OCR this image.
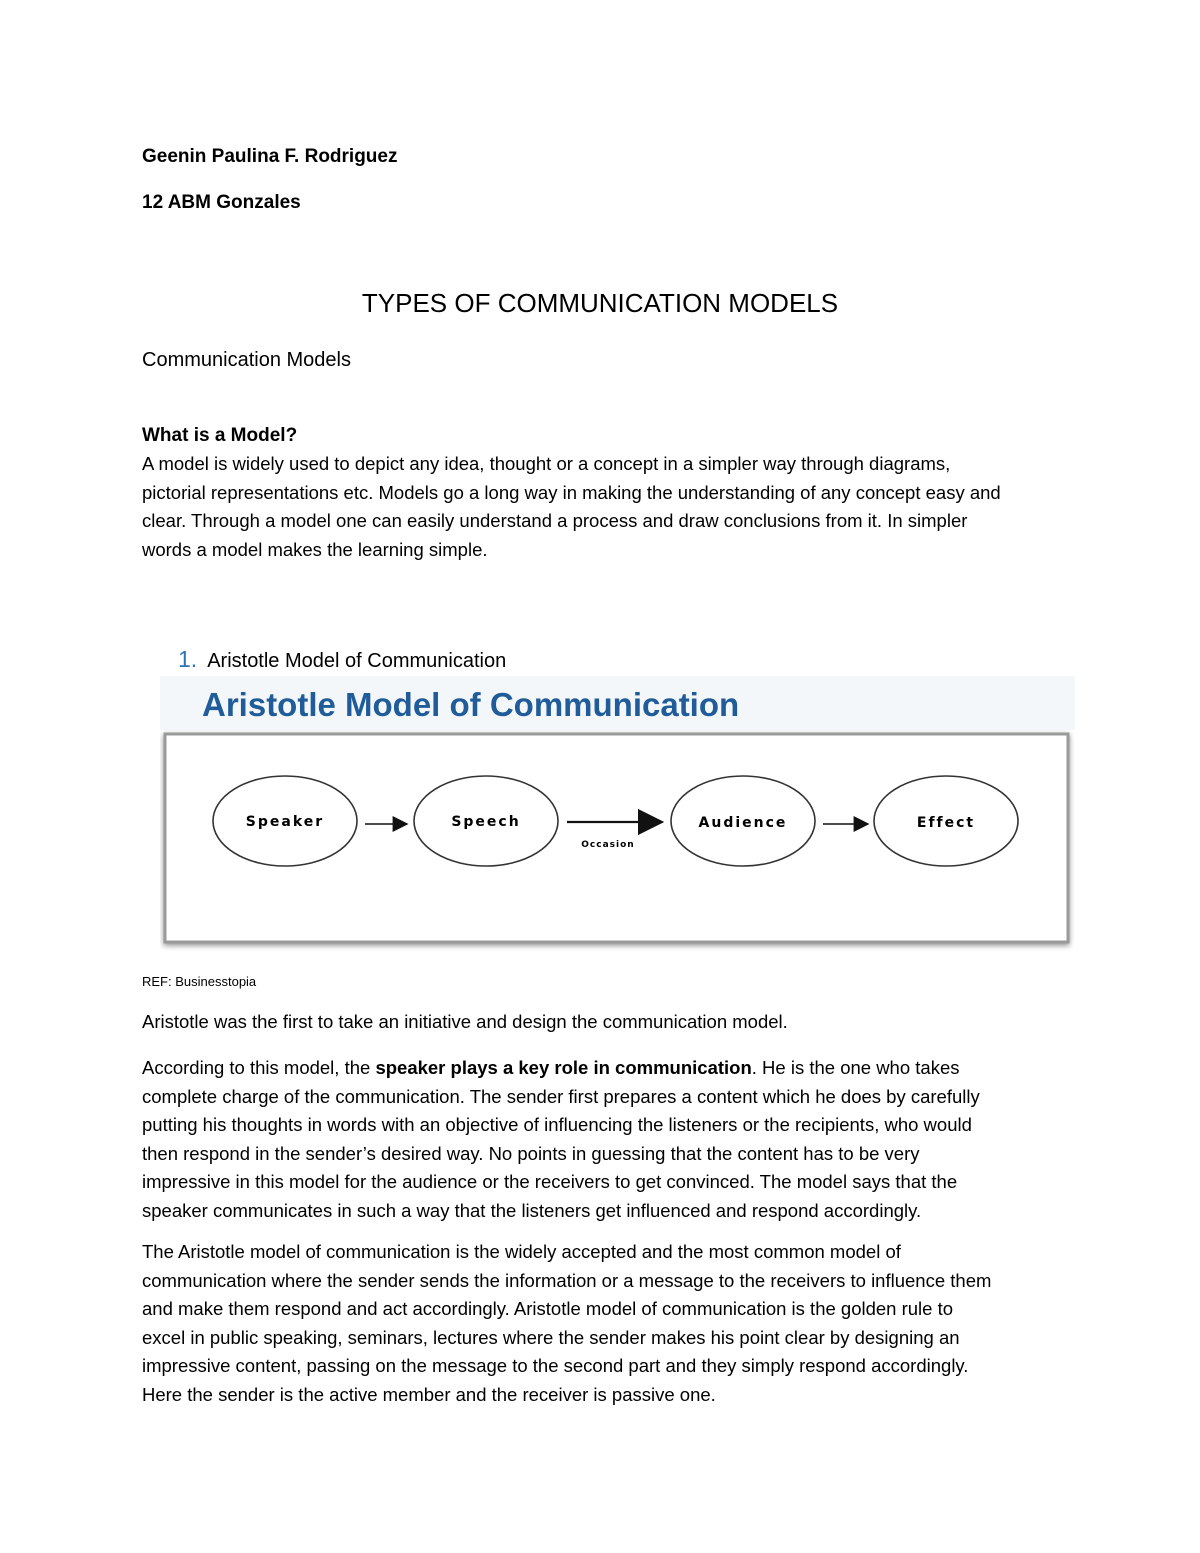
Geenin Paulina F. Rodriguez
12 ABM Gonzales
TYPES OF COMMUNICATION MODELS
Communication Models
What is a Model?

A model is widely used to depict any idea, thought or a concept in a simpler way through diagrams,

pictorial representations etc. Models go a long way in making the understanding of any concept easy and

clear. Through a model one can easily understand a process and draw conclusions from it. In simpler

words a model makes the learning simple.

1. Aristotle Model of Communication
Aristotle Model of Communication
Speaker	Speech	Audience	Effect
Occasion
REF: Businesstopia

Aristotle was the first to take an initiative and design the communication model.

According to this model, the speaker plays a key role in communication. He is the one who takes

complete charge of the communication. The sender first prepares a content which he does by carefully

putting his thoughts in words with an objective of influencing the listeners or the recipients, who would

then respond in the sender’s desired way. No points in guessing that the content has to be very

impressive in this model for the audience or the receivers to get convinced. The model says that the

speaker communicates in such a way that the listeners get influenced and respond accordingly.

The Aristotle model of communication is the widely accepted and the most common model of

communication where the sender sends the information or a message to the receivers to influence them

and make them respond and act accordingly. Aristotle model of communication is the golden rule to

excel in public speaking, seminars, lectures where the sender makes his point clear by designing an

impressive content, passing on the message to the second part and they simply respond accordingly.

Here the sender is the active member and the receiver is passive one.
